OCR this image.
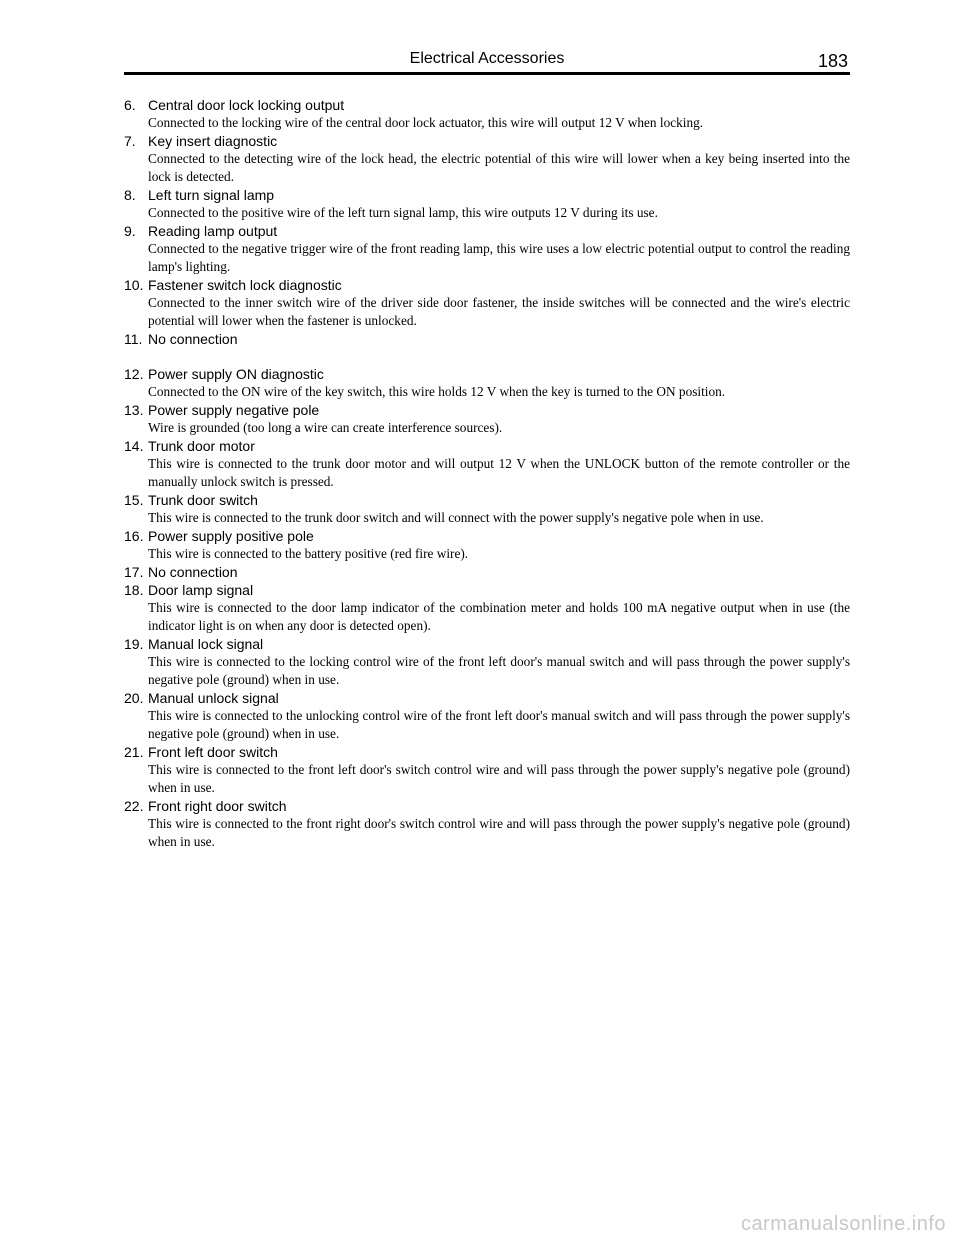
Electrical Accessories	183
6. Central door lock locking output
Connected to the locking wire of the central door lock actuator, this wire will output 12 V when locking.
7. Key insert diagnostic
Connected to the detecting wire of the lock head, the electric potential of this wire will lower when a key being inserted into the lock is detected.
8. Left turn signal lamp
Connected to the positive wire of the left turn signal lamp, this wire outputs 12 V during its use.
9. Reading lamp output
Connected to the negative trigger wire of the front reading lamp, this wire uses a low electric potential output to control the reading lamp's lighting.
10. Fastener switch lock diagnostic
Connected to the inner switch wire of the driver side door fastener, the inside switches will be connected and the wire's electric potential will lower when the fastener is unlocked.
11. No connection
12. Power supply ON diagnostic
Connected to the ON wire of the key switch, this wire holds 12 V when the key is turned to the ON position.
13. Power supply negative pole
Wire is grounded (too long a wire can create interference sources).
14. Trunk door motor
This wire is connected to the trunk door motor and will output 12 V when the UNLOCK button of the remote controller or the manually unlock switch is pressed.
15. Trunk door switch
This wire is connected to the trunk door switch and will connect with the power supply's negative pole when in use.
16. Power supply positive pole
This wire is connected to the battery positive (red fire wire).
17. No connection
18. Door lamp signal
This wire is connected to the door lamp indicator of the combination meter and holds 100 mA negative output when in use (the indicator light is on when any door is detected open).
19. Manual lock signal
This wire is connected to the locking control wire of the front left door's manual switch and will pass through the power supply's negative pole (ground) when in use.
20. Manual unlock signal
This wire is connected to the unlocking control wire of the front left door's manual switch and will pass through the power supply's negative pole (ground) when in use.
21. Front left door switch
This wire is connected to the front left door's switch control wire and will pass through the power supply's negative pole (ground) when in use.
22. Front right door switch
This wire is connected to the front right door's switch control wire and will pass through the power supply's negative pole (ground) when in use.
carmanualsonline.info
